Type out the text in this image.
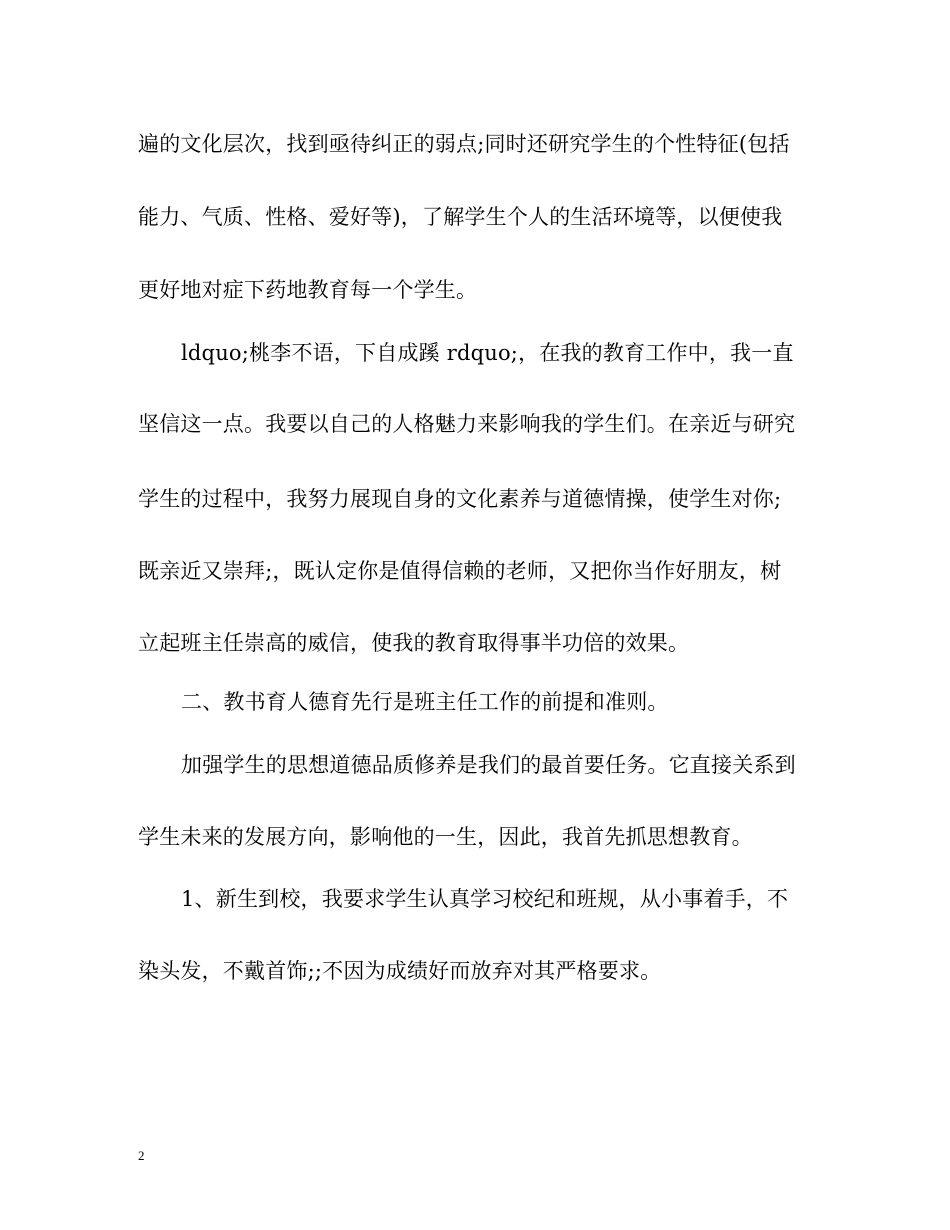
遍的文化层次，找到亟待纠正的弱点;同时还研究学生的个性特征(包括
能力、气质、性格、爱好等)，了解学生个人的生活环境等，以便使我
更好地对症下药地教育每一个学生。
ldquo;桃李不语，下自成蹊 rdquo;，在我的教育工作中，我一直
坚信这一点。我要以自己的人格魅力来影响我的学生们。在亲近与研究
学生的过程中，我努力展现自身的文化素养与道德情操，使学生对你;
既亲近又崇拜;，既认定你是值得信赖的老师，又把你当作好朋友，树
立起班主任崇高的威信，使我的教育取得事半功倍的效果。
二、教书育人德育先行是班主任工作的前提和准则。
加强学生的思想道德品质修养是我们的最首要任务。它直接关系到
学生未来的发展方向，影响他的一生，因此，我首先抓思想教育。
1、新生到校，我要求学生认真学习校纪和班规，从小事着手，不
染头发，不戴首饰;;不因为成绩好而放弃对其严格要求。
2
